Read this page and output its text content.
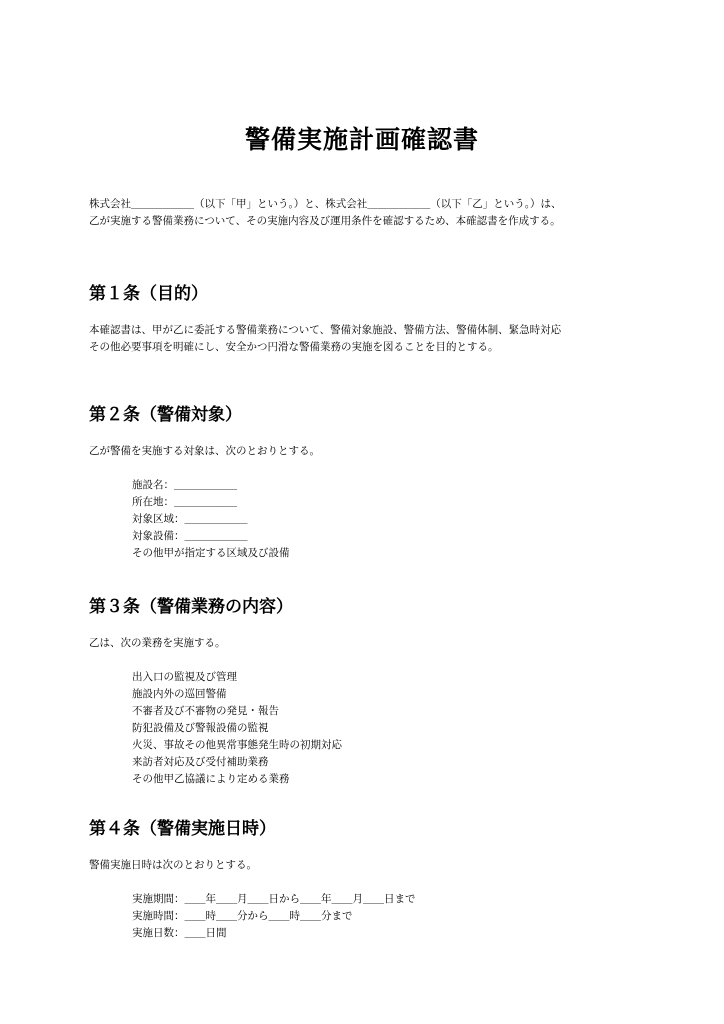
警備実施計画確認書

株式会社＿＿＿＿＿＿（以下「甲」という。）と、株式会社＿＿＿＿＿＿（以下「乙」という。）は、

乙が実施する警備業務について、その実施内容及び運用条件を確認するため、本確認書を作成する。

第１条（目的）

本確認書は、甲が乙に委託する警備業務について、警備対象施設、警備方法、警備体制、緊急時対応

その他必要事項を明確にし、安全かつ円滑な警備業務の実施を図ることを目的とする。

第２条（警備対象）

乙が警備を実施する対象は、次のとおりとする。

施設名：＿＿＿＿＿＿
所在地：＿＿＿＿＿＿
対象区域：＿＿＿＿＿＿
対象設備：＿＿＿＿＿＿
その他甲が指定する区域及び設備
第３条（警備業務の内容）

乙は、次の業務を実施する。

出入口の監視及び管理
施設内外の巡回警備
不審者及び不審物の発見・報告
防犯設備及び警報設備の監視
火災、事故その他異常事態発生時の初期対応
来訪者対応及び受付補助業務
その他甲乙協議により定める業務
第４条（警備実施日時）

警備実施日時は次のとおりとする。

実施期間：＿＿年＿＿月＿＿日から＿＿年＿＿月＿＿日まで
実施時間：＿＿時＿＿分から＿＿時＿＿分まで
実施日数：＿＿日間
